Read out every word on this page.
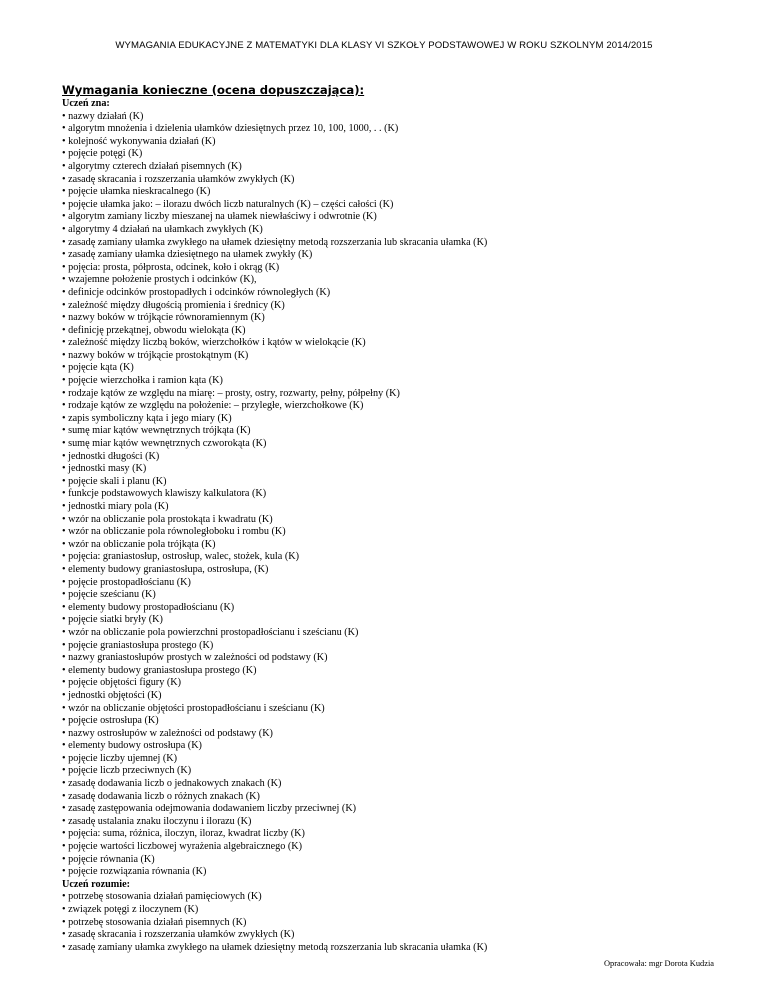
WYMAGANIA EDUKACYJNE Z MATEMATYKI DLA KLASY VI SZKOŁY PODSTAWOWEJ W ROKU SZKOLNYM 2014/2015
Wymagania konieczne (ocena dopuszczająca):
Uczeń zna:
• nazwy działań (K)
• algorytm mnożenia i dzielenia ułamków dziesiętnych przez 10, 100, 1000, . . (K)
• kolejność wykonywania działań (K)
• pojęcie potęgi (K)
• algorytmy czterech działań pisemnych (K)
• zasadę skracania i rozszerzania ułamków zwykłych (K)
• pojęcie ułamka nieskracalnego (K)
• pojęcie ułamka jako: – ilorazu dwóch liczb naturalnych (K) – części całości (K)
• algorytm zamiany liczby mieszanej na ułamek niewłaściwy i odwrotnie (K)
• algorytmy 4 działań na ułamkach zwykłych (K)
• zasadę zamiany ułamka zwykłego na ułamek dziesiętny metodą rozszerzania lub skracania ułamka (K)
• zasadę zamiany ułamka dziesiętnego na ułamek zwykły (K)
• pojęcia: prosta, półprosta, odcinek, koło i okrąg (K)
• wzajemne położenie prostych i odcinków (K),
• definicje odcinków prostopadłych i odcinków równoległych (K)
• zależność między długością promienia i średnicy (K)
• nazwy boków w trójkącie równoramiennym (K)
• definicję przekątnej, obwodu wielokąta (K)
• zależność między liczbą boków, wierzchołków i kątów w wielokącie (K)
• nazwy boków w trójkącie prostokątnym (K)
• pojęcie kąta (K)
• pojęcie wierzchołka i ramion kąta (K)
• rodzaje kątów ze względu na miarę: – prosty, ostry, rozwarty, pełny, półpełny (K)
• rodzaje kątów ze względu na położenie: – przyległe, wierzchołkowe (K)
• zapis symboliczny kąta i jego miary (K)
• sumę miar kątów wewnętrznych trójkąta (K)
• sumę miar kątów wewnętrznych czworokąta (K)
• jednostki długości (K)
• jednostki masy (K)
• pojęcie skali i planu (K)
• funkcje podstawowych klawiszy kalkulatora (K)
• jednostki miary pola (K)
• wzór na obliczanie pola prostokąta i kwadratu (K)
• wzór na obliczanie pola równoległoboku i rombu (K)
• wzór na obliczanie pola trójkąta (K)
• pojęcia: graniastosłup, ostrosłup, walec, stożek, kula (K)
• elementy budowy graniastosłupa, ostrosłupa, (K)
• pojęcie prostopadłościanu (K)
• pojęcie sześcianu (K)
• elementy budowy prostopadłościanu (K)
• pojęcie siatki bryły (K)
• wzór na obliczanie pola powierzchni prostopadłościanu i sześcianu (K)
• pojęcie graniastosłupa prostego (K)
• nazwy graniastosłupów prostych w zależności od podstawy (K)
• elementy budowy graniastosłupa prostego (K)
• pojęcie objętości figury (K)
• jednostki objętości (K)
• wzór na obliczanie objętości prostopadłościanu i sześcianu (K)
• pojęcie ostrosłupa (K)
• nazwy ostrosłupów w zależności od podstawy (K)
• elementy budowy ostrosłupa (K)
• pojęcie liczby ujemnej (K)
• pojęcie liczb przeciwnych (K)
• zasadę dodawania liczb o jednakowych znakach (K)
• zasadę dodawania liczb o różnych znakach (K)
• zasadę zastępowania odejmowania dodawaniem liczby przeciwnej (K)
• zasadę ustalania znaku iloczynu i ilorazu (K)
• pojęcia: suma, różnica, iloczyn, iloraz, kwadrat liczby (K)
• pojęcie wartości liczbowej wyrażenia algebraicznego (K)
• pojęcie równania (K)
• pojęcie rozwiązania równania (K)
Uczeń rozumie:
• potrzebę stosowania działań pamięciowych (K)
• związek potęgi z iloczynem (K)
• potrzebę stosowania działań pisemnych (K)
• zasadę skracania i rozszerzania ułamków zwykłych (K)
• zasadę zamiany ułamka zwykłego na ułamek dziesiętny metodą rozszerzania lub skracania ułamka (K)
Opracowała: mgr Dorota Kudzia
